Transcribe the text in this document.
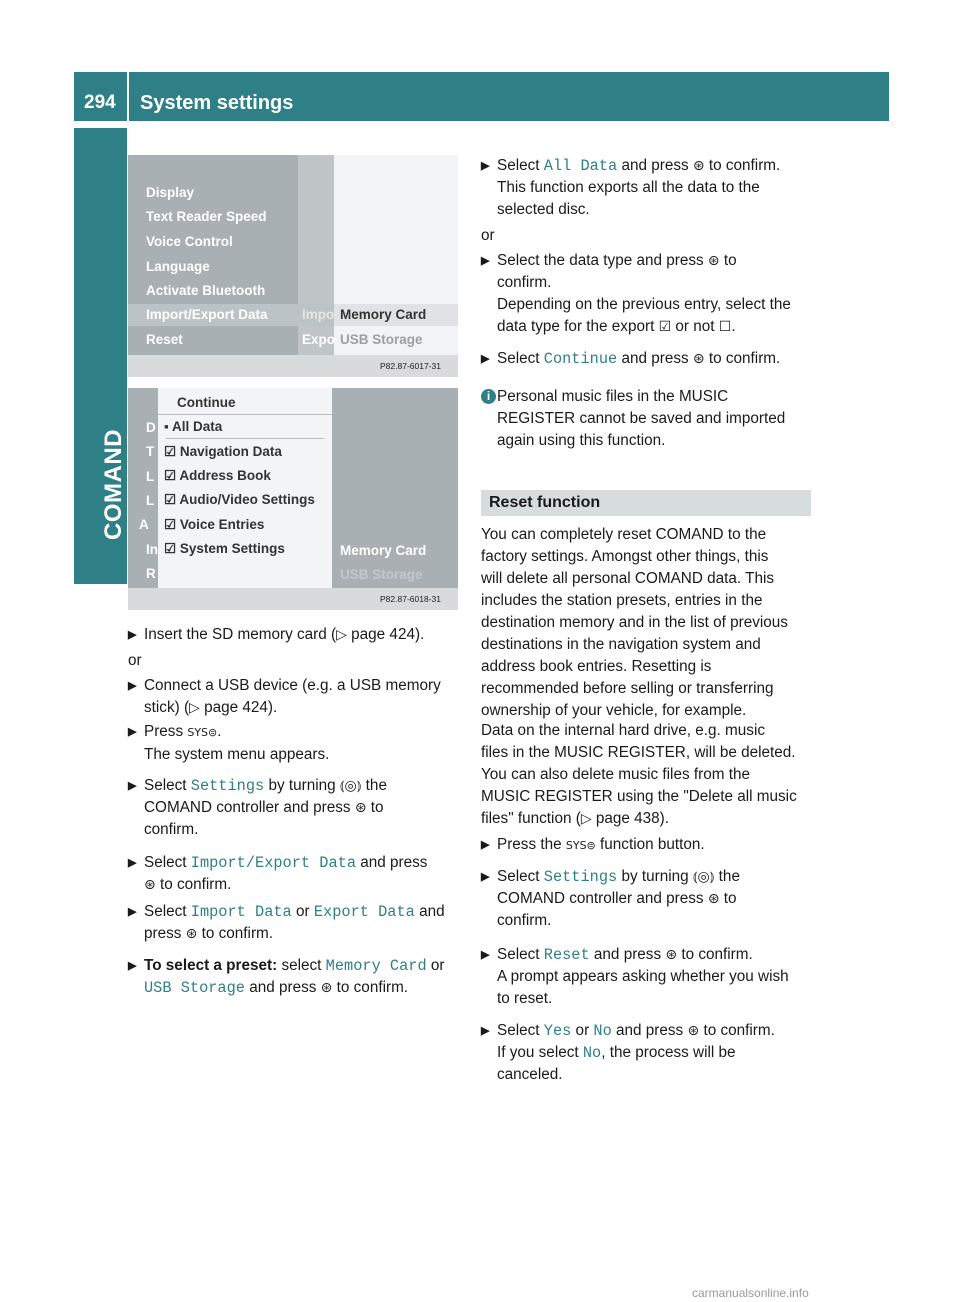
294 System settings
COMAND
Display
Text Reader Speed
Voice Control
Language
Activate Bluetooth
Import/Export Data
Reset
Impo
Expo
Memory Card
USB Storage
P82.87-6017-31
D
T
L
L
A
In
R
Continue
▪ All Data
☑ Navigation Data
☑ Address Book
☑ Audio/Video Settings
☑ Voice Entries
☑ System Settings	Memory Card
USB Storage
P82.87-6018-31
▶ Insert the SD memory card (▷ page 424).
or
▶ Connect a USB device (e.g. a USB memory
stick) (▷ page 424).
▶ Press SYS⊜.
The system menu appears.
▶ Select Settings by turning ⦅◎⦆ the
COMAND controller and press ⊛ to
confirm.
▶ Select Import/Export Data and press
⊛ to confirm.
▶ Select Import Data or Export Data and
press ⊛ to confirm.
▶ To select a preset: select Memory Card or
USB Storage and press ⊛ to confirm.
▶ Select All Data and press ⊛ to confirm.
This function exports all the data to the
selected disc.
or
▶ Select the data type and press ⊛ to
confirm.
Depending on the previous entry, select the
data type for the export ☑ or not ☐.
▶ Select Continue and press ⊛ to confirm.
i Personal music files in the MUSIC
REGISTER cannot be saved and imported
again using this function.
Reset function
You can completely reset COMAND to the
factory settings. Amongst other things, this
will delete all personal COMAND data. This
includes the station presets, entries in the
destination memory and in the list of previous
destinations in the navigation system and
address book entries. Resetting is
recommended before selling or transferring
ownership of your vehicle, for example.
Data on the internal hard drive, e.g. music
files in the MUSIC REGISTER, will be deleted.
You can also delete music files from the
MUSIC REGISTER using the "Delete all music
files" function (▷ page 438).
▶ Press the SYS⊜ function button.
▶ Select Settings by turning ⦅◎⦆ the
COMAND controller and press ⊛ to
confirm.
▶ Select Reset and press ⊛ to confirm.
A prompt appears asking whether you wish
to reset.
▶ Select Yes or No and press ⊛ to confirm.
If you select No, the process will be
canceled.
carmanualsonline.info
